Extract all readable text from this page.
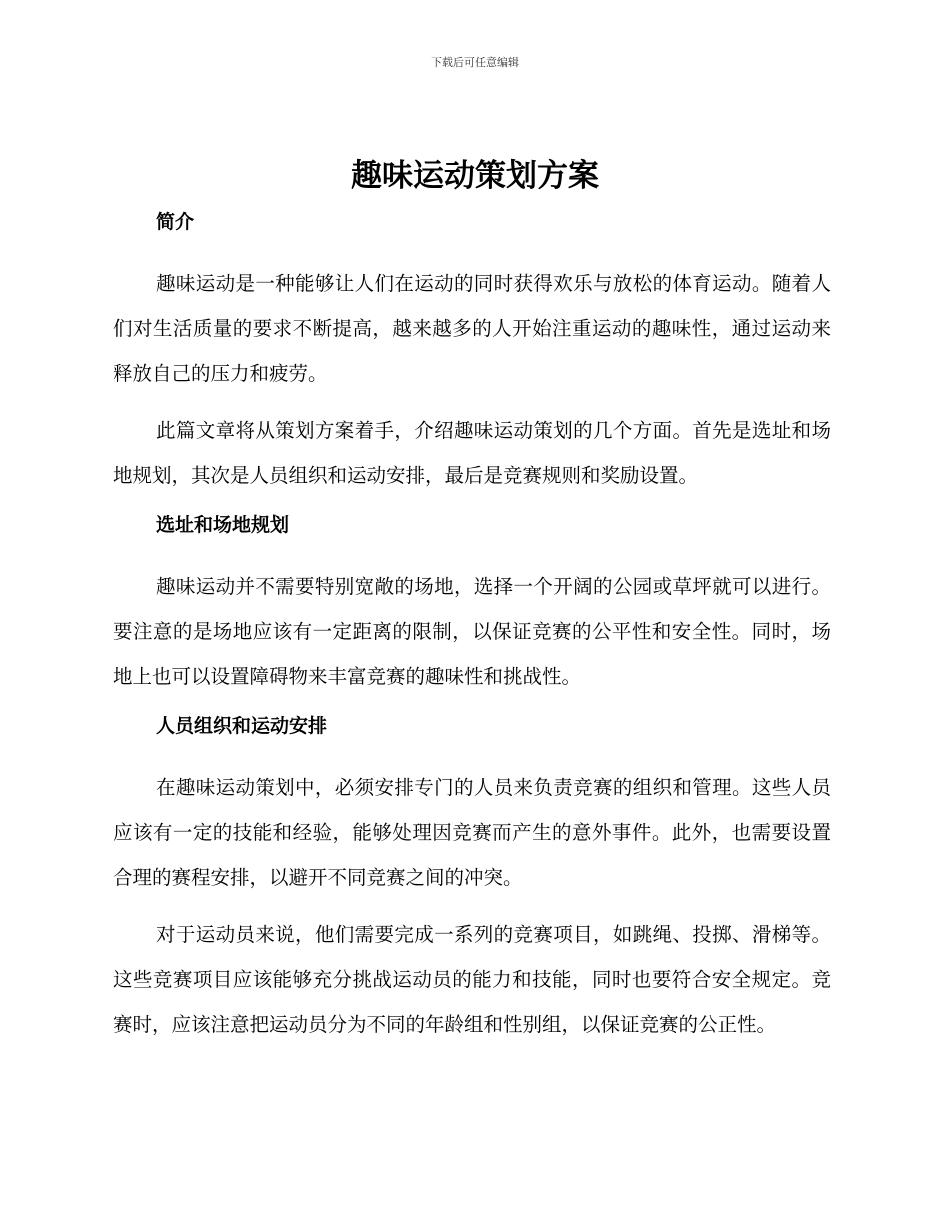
下载后可任意编辑
趣味运动策划方案
简介

趣味运动是一种能够让人们在运动的同时获得欢乐与放松的体育运动。随着人们对生活质量的要求不断提高，越来越多的人开始注重运动的趣味性，通过运动来释放自己的压力和疲劳。

此篇文章将从策划方案着手，介绍趣味运动策划的几个方面。首先是选址和场地规划，其次是人员组织和运动安排，最后是竞赛规则和奖励设置。

选址和场地规划

趣味运动并不需要特别宽敞的场地，选择一个开阔的公园或草坪就可以进行。要注意的是场地应该有一定距离的限制，以保证竞赛的公平性和安全性。同时，场地上也可以设置障碍物来丰富竞赛的趣味性和挑战性。

人员组织和运动安排

在趣味运动策划中，必须安排专门的人员来负责竞赛的组织和管理。这些人员应该有一定的技能和经验，能够处理因竞赛而产生的意外事件。此外，也需要设置合理的赛程安排，以避开不同竞赛之间的冲突。

对于运动员来说，他们需要完成一系列的竞赛项目，如跳绳、投掷、滑梯等。这些竞赛项目应该能够充分挑战运动员的能力和技能，同时也要符合安全规定。竞赛时，应该注意把运动员分为不同的年龄组和性别组，以保证竞赛的公正性。
